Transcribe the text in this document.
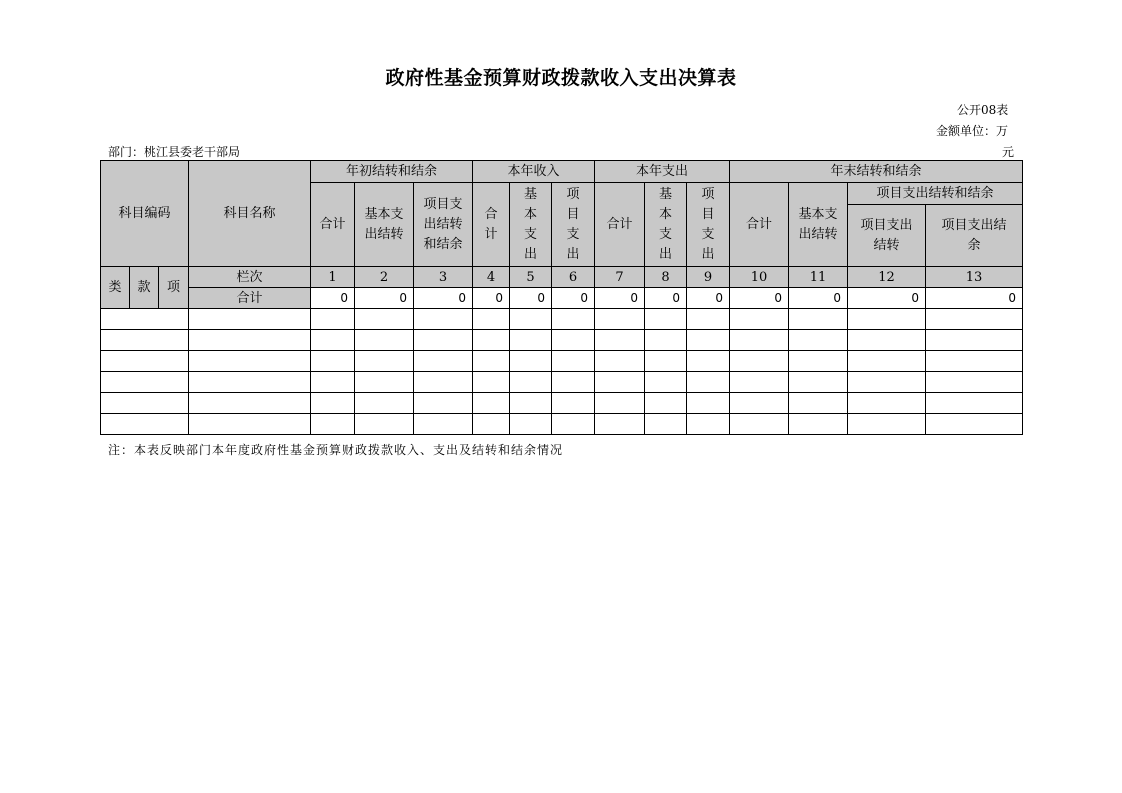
政府性基金预算财政拨款收入支出决算表
公开08表
金额单位：万
元
部门：桃江县委老干部局
科目编码			科目名称	年初结转和结余			本年收入			本年支出			年末结转和结余			
				合计	基本支出结转	项目支出结转和结余	合计	基本支出	项目支出	合计	基本支出	项目支出	合计	基本支出结转	项目支出结转和结余	
															项目支出结转	项目支出结余
类	款	项	栏次	1	2	3	4	5	6	7	8	9	10	11	12	13
			合计	0	0	0	0	0	0	0	0	0	0	0	0	0

注：本表反映部门本年度政府性基金预算财政拨款收入、支出及结转和结余情况
